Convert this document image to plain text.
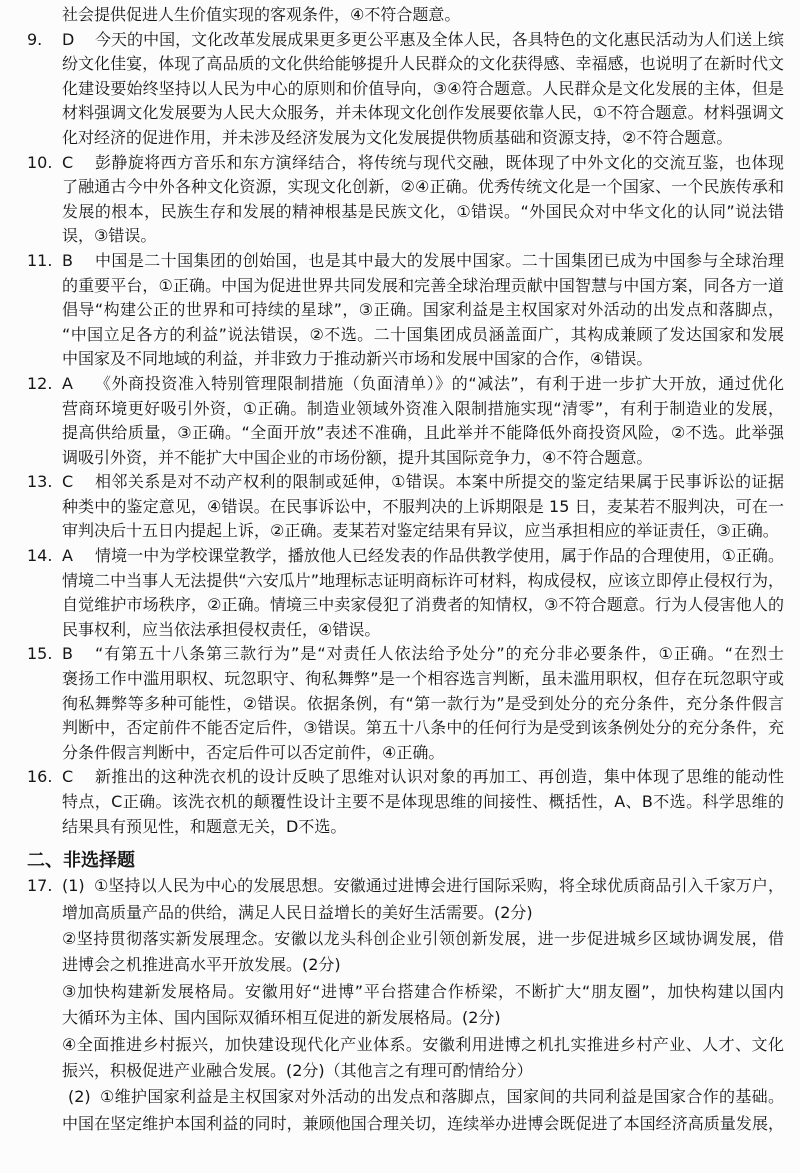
社会提供促进人生价值实现的客观条件，④不符合题意。
9. D 今天的中国，文化改革发展成果更多更公平惠及全体人民，各具特色的文化惠民活动为人们送上缤
纷文化佳宴，体现了高品质的文化供给能够提升人民群众的文化获得感、幸福感，也说明了在新时代文
化建设要始终坚持以人民为中心的原则和价值导向，③④符合题意。人民群众是文化发展的主体，但是
材料强调文化发展要为人民大众服务，并未体现文化创作发展要依靠人民，①不符合题意。材料强调文
化对经济的促进作用，并未涉及经济发展为文化发展提供物质基础和资源支持，②不符合题意。
10. C 彭静旋将西方音乐和东方演绎结合，将传统与现代交融，既体现了中外文化的交流互鉴，也体现
了融通古今中外各种文化资源，实现文化创新，②④正确。优秀传统文化是一个国家、一个民族传承和
发展的根本，民族生存和发展的精神根基是民族文化，①错误。“外国民众对中华文化的认同”说法错
误，③错误。
11. B 中国是二十国集团的创始国，也是其中最大的发展中国家。二十国集团已成为中国参与全球治理
的重要平台，①正确。中国为促进世界共同发展和完善全球治理贡献中国智慧与中国方案，同各方一道
倡导“构建公正的世界和可持续的星球”，③正确。国家利益是主权国家对外活动的出发点和落脚点，
“中国立足各方的利益”说法错误，②不选。二十国集团成员涵盖面广，其构成兼顾了发达国家和发展
中国家及不同地域的利益，并非致力于推动新兴市场和发展中国家的合作，④错误。
12. A 《外商投资准入特别管理限制措施（负面清单）》的“减法”，有利于进一步扩大开放，通过优化
营商环境更好吸引外资，①正确。制造业领域外资准入限制措施实现“清零”，有利于制造业的发展，
提高供给质量，③正确。“全面开放”表述不准确，且此举并不能降低外商投资风险，②不选。此举强
调吸引外资，并不能扩大中国企业的市场份额，提升其国际竞争力，④不符合题意。
13. C 相邻关系是对不动产权利的限制或延伸，①错误。本案中所提交的鉴定结果属于民事诉讼的证据
种类中的鉴定意见，④错误。在民事诉讼中，不服判决的上诉期限是 15 日，麦某若不服判决，可在一
审判决后十五日内提起上诉，②正确。麦某若对鉴定结果有异议，应当承担相应的举证责任，③正确。
14. A 情境一中为学校课堂教学，播放他人已经发表的作品供教学使用，属于作品的合理使用，①正确。
情境二中当事人无法提供“六安瓜片”地理标志证明商标许可材料，构成侵权，应该立即停止侵权行为，
自觉维护市场秩序，②正确。情境三中卖家侵犯了消费者的知情权，③不符合题意。行为人侵害他人的
民事权利，应当依法承担侵权责任，④错误。
15. B “有第五十八条第三款行为”是“对责任人依法给予处分”的充分非必要条件，①正确。“在烈士
褒扬工作中滥用职权、玩忽职守、徇私舞弊”是一个相容选言判断，虽未滥用职权，但存在玩忽职守或
徇私舞弊等多种可能性，②错误。依据条例，有“第一款行为”是受到处分的充分条件，充分条件假言
判断中，否定前件不能否定后件，③错误。第五十八条中的任何行为是受到该条例处分的充分条件，充
分条件假言判断中，否定后件可以否定前件，④正确。
16. C 新推出的这种洗衣机的设计反映了思维对认识对象的再加工、再创造，集中体现了思维的能动性
特点，C正确。该洗衣机的颠覆性设计主要不是体现思维的间接性、概括性，A、B不选。科学思维的
结果具有预见性，和题意无关，D不选。
二、非选择题
17. (1) ①坚持以人民为中心的发展思想。安徽通过进博会进行国际采购，将全球优质商品引入千家万户，
增加高质量产品的供给，满足人民日益增长的美好生活需要。(2分)
②坚持贯彻落实新发展理念。安徽以龙头科创企业引领创新发展，进一步促进城乡区域协调发展，借
进博会之机推进高水平开放发展。(2分)
③加快构建新发展格局。安徽用好“进博”平台搭建合作桥梁，不断扩大“朋友圈”，加快构建以国内
大循环为主体、国内国际双循环相互促进的新发展格局。(2分)
④全面推进乡村振兴，加快建设现代化产业体系。安徽利用进博之机扎实推进乡村产业、人才、文化
振兴，积极促进产业融合发展。(2分)（其他言之有理可酌情给分）
(2) ①维护国家利益是主权国家对外活动的出发点和落脚点，国家间的共同利益是国家合作的基础。
中国在坚定维护本国利益的同时，兼顾他国合理关切，连续举办进博会既促进了本国经济高质量发展，
